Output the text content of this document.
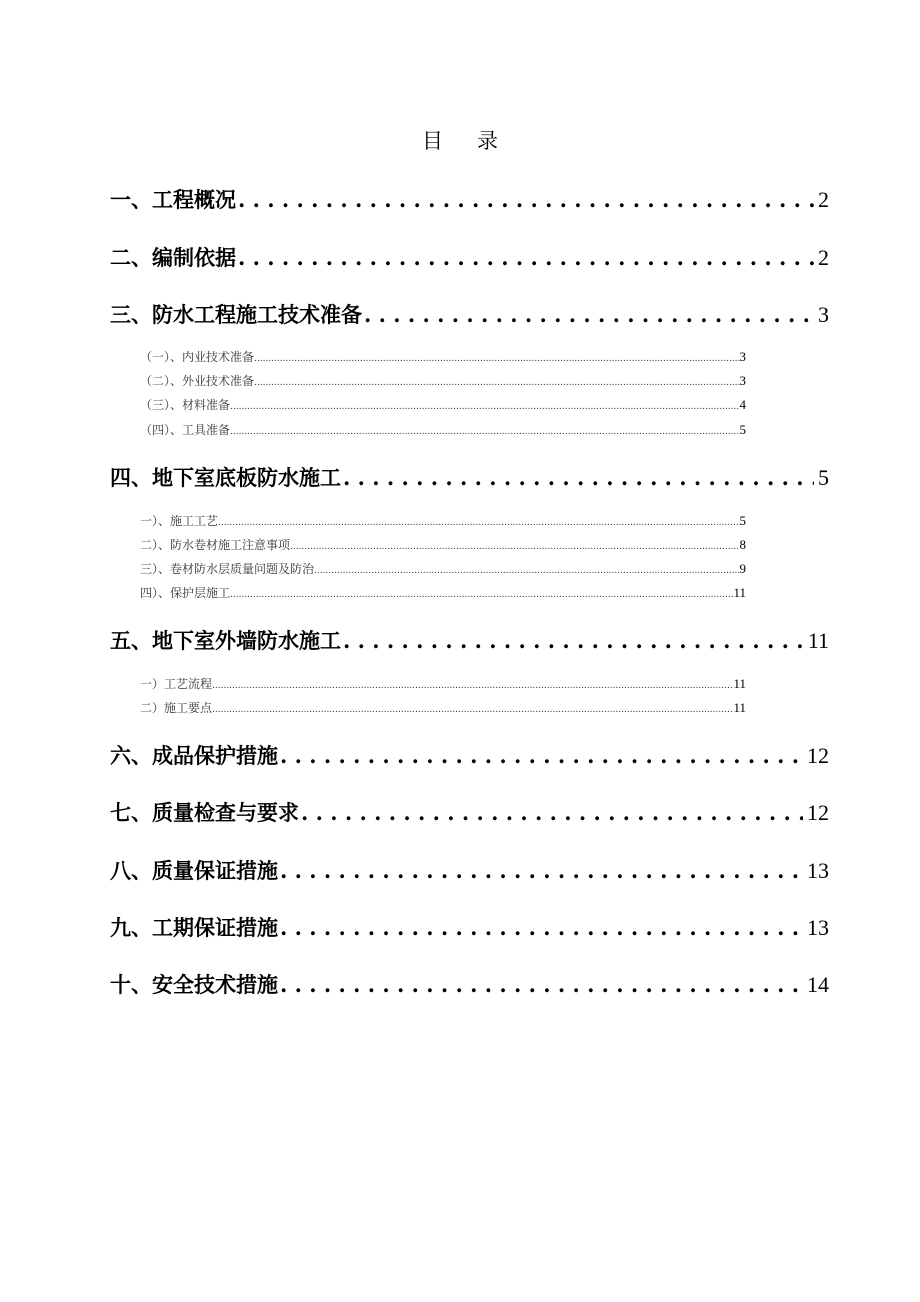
目录
一、工程概况 . . .	2
二、编制依据 . . .	2
三、防水工程施工技术准备 . . .	3
（一）、内业技术准备 .....	3
（二）、外业技术准备 .....	3
（三）、材料准备 .....	4
（四）、工具准备 .....	5
四、地下室底板防水施工 . . .	5
一）、施工工艺 .....	5
二）、防水卷材施工注意事项 .....	8
三）、卷材防水层质量问题及防治 .....	9
四）、保护层施工 .....	11
五、地下室外墙防水施工 . . .	11
一）工艺流程 .....	11
二）施工要点 .....	11
六、成品保护措施 . . .	12
七、质量检查与要求 . . .	12
八、质量保证措施 . . .	13
九、工期保证措施 . . .	13
十、安全技术措施 . . .	14
